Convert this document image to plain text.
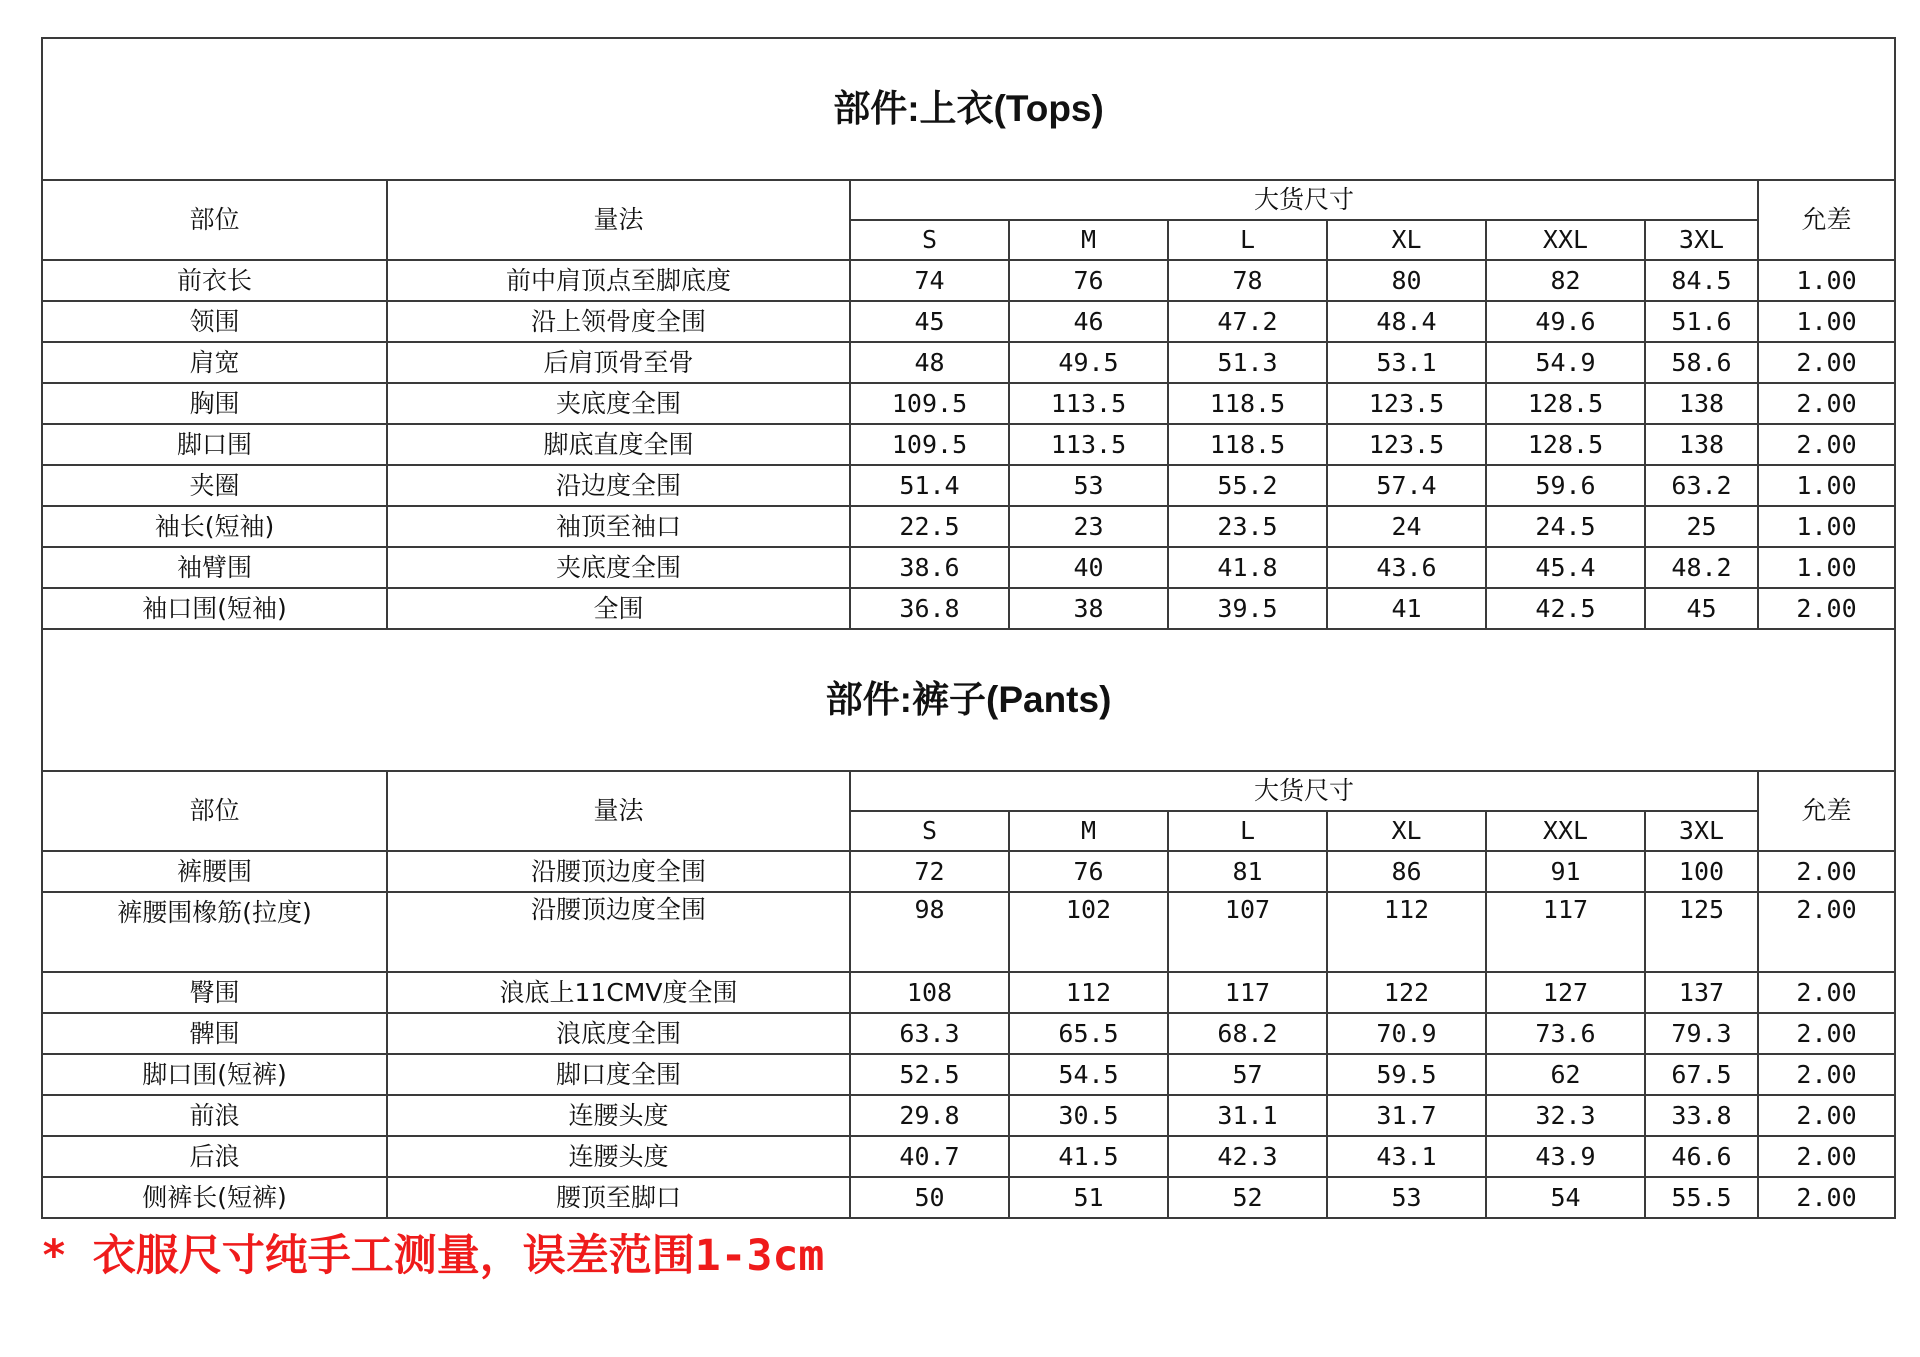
部件:上衣(Tops)								
部位	量法	大货尺寸						允差
		S	M	L	XL	XXL	3XL	
前衣长	前中肩顶点至脚底度	74	76	78	80	82	84.5	1.00
领围	沿上领骨度全围	45	46	47.2	48.4	49.6	51.6	1.00
肩宽	后肩顶骨至骨	48	49.5	51.3	53.1	54.9	58.6	2.00
胸围	夹底度全围	109.5	113.5	118.5	123.5	128.5	138	2.00
脚口围	脚底直度全围	109.5	113.5	118.5	123.5	128.5	138	2.00
夹圈	沿边度全围	51.4	53	55.2	57.4	59.6	63.2	1.00
袖长(短袖)	袖顶至袖口	22.5	23	23.5	24	24.5	25	1.00
袖臂围	夹底度全围	38.6	40	41.8	43.6	45.4	48.2	1.00
袖口围(短袖)	全围	36.8	38	39.5	41	42.5	45	2.00
部件:裤子(Pants)								
部位	量法	大货尺寸						允差
		S	M	L	XL	XXL	3XL	
裤腰围	沿腰顶边度全围	72	76	81	86	91	100	2.00
裤腰围橡筋(拉度)	沿腰顶边度全围	98	102	107	112	117	125	2.00
臀围	浪底上11CMV度全围	108	112	117	122	127	137	2.00
髀围	浪底度全围	63.3	65.5	68.2	70.9	73.6	79.3	2.00
脚口围(短裤)	脚口度全围	52.5	54.5	57	59.5	62	67.5	2.00
前浪	连腰头度	29.8	30.5	31.1	31.7	32.3	33.8	2.00
后浪	连腰头度	40.7	41.5	42.3	43.1	43.9	46.6	2.00
侧裤长(短裤)	腰顶至脚口	50	51	52	53	54	55.5	2.00
* 衣服尺寸纯手工测量，误差范围1-3cm
